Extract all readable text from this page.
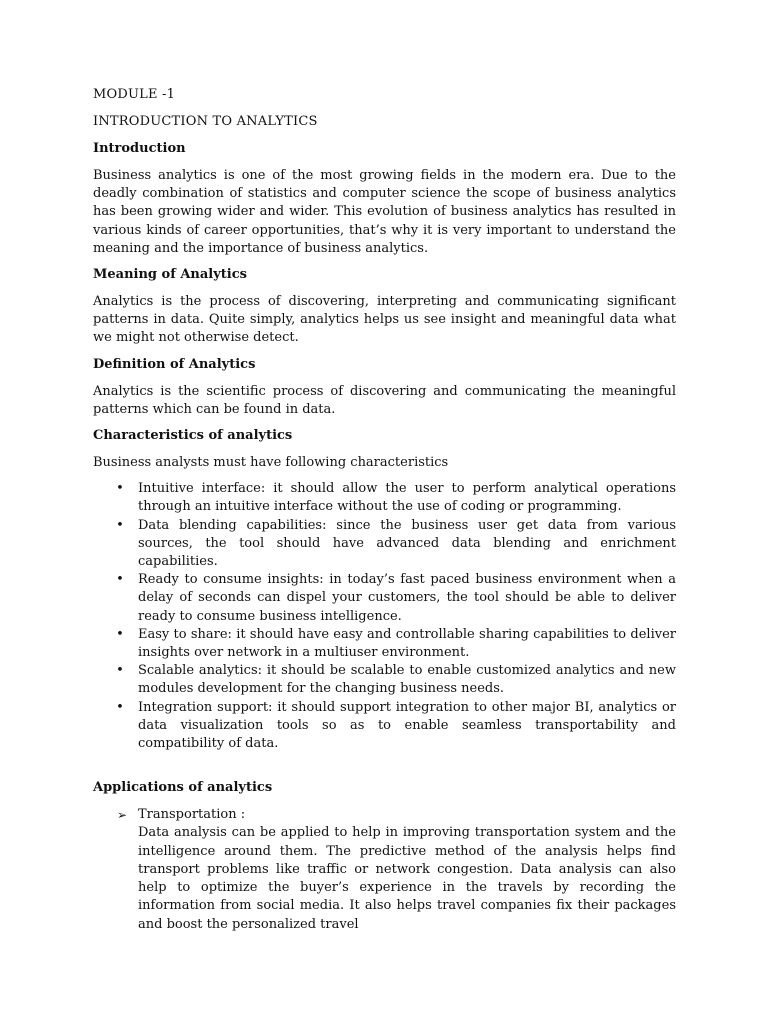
MODULE -1
INTRODUCTION TO ANALYTICS
Introduction

Business analytics is one of the most growing fields in the modern era. Due to the deadly combination of statistics and computer science the scope of business analytics has been growing wider and wider. This evolution of business analytics has resulted in various kinds of career opportunities, that’s why it is very important to understand the meaning and the importance of business analytics.

Meaning of Analytics

Analytics is the process of discovering, interpreting and communicating significant patterns in data. Quite simply, analytics helps us see insight and meaningful data what we might not otherwise detect.

Definition of Analytics

Analytics is the scientific process of discovering and communicating the meaningful patterns which can be found in data.

Characteristics of analytics

Business analysts must have following characteristics

• Intuitive interface: it should allow the user to perform analytical operations through an intuitive interface without the use of coding or programming.
• Data blending capabilities: since the business user get data from various sources, the tool should have advanced data blending and enrichment capabilities.
• Ready to consume insights: in today’s fast paced business environment when a delay of seconds can dispel your customers, the tool should be able to deliver ready to consume business intelligence.
• Easy to share: it should have easy and controllable sharing capabilities to deliver insights over network in a multiuser environment.
• Scalable analytics: it should be scalable to enable customized analytics and new modules development for the changing business needs.
• Integration support: it should support integration to other major BI, analytics or data visualization tools so as to enable seamless transportability and compatibility of data.
Applications of analytics
➢ Transportation :
Data analysis can be applied to help in improving transportation system and the intelligence around them. The predictive method of the analysis helps find transport problems like traffic or network congestion. Data analysis can also help to optimize the buyer’s experience in the travels by recording the information from social media. It also helps travel companies fix their packages and boost the personalized travel
